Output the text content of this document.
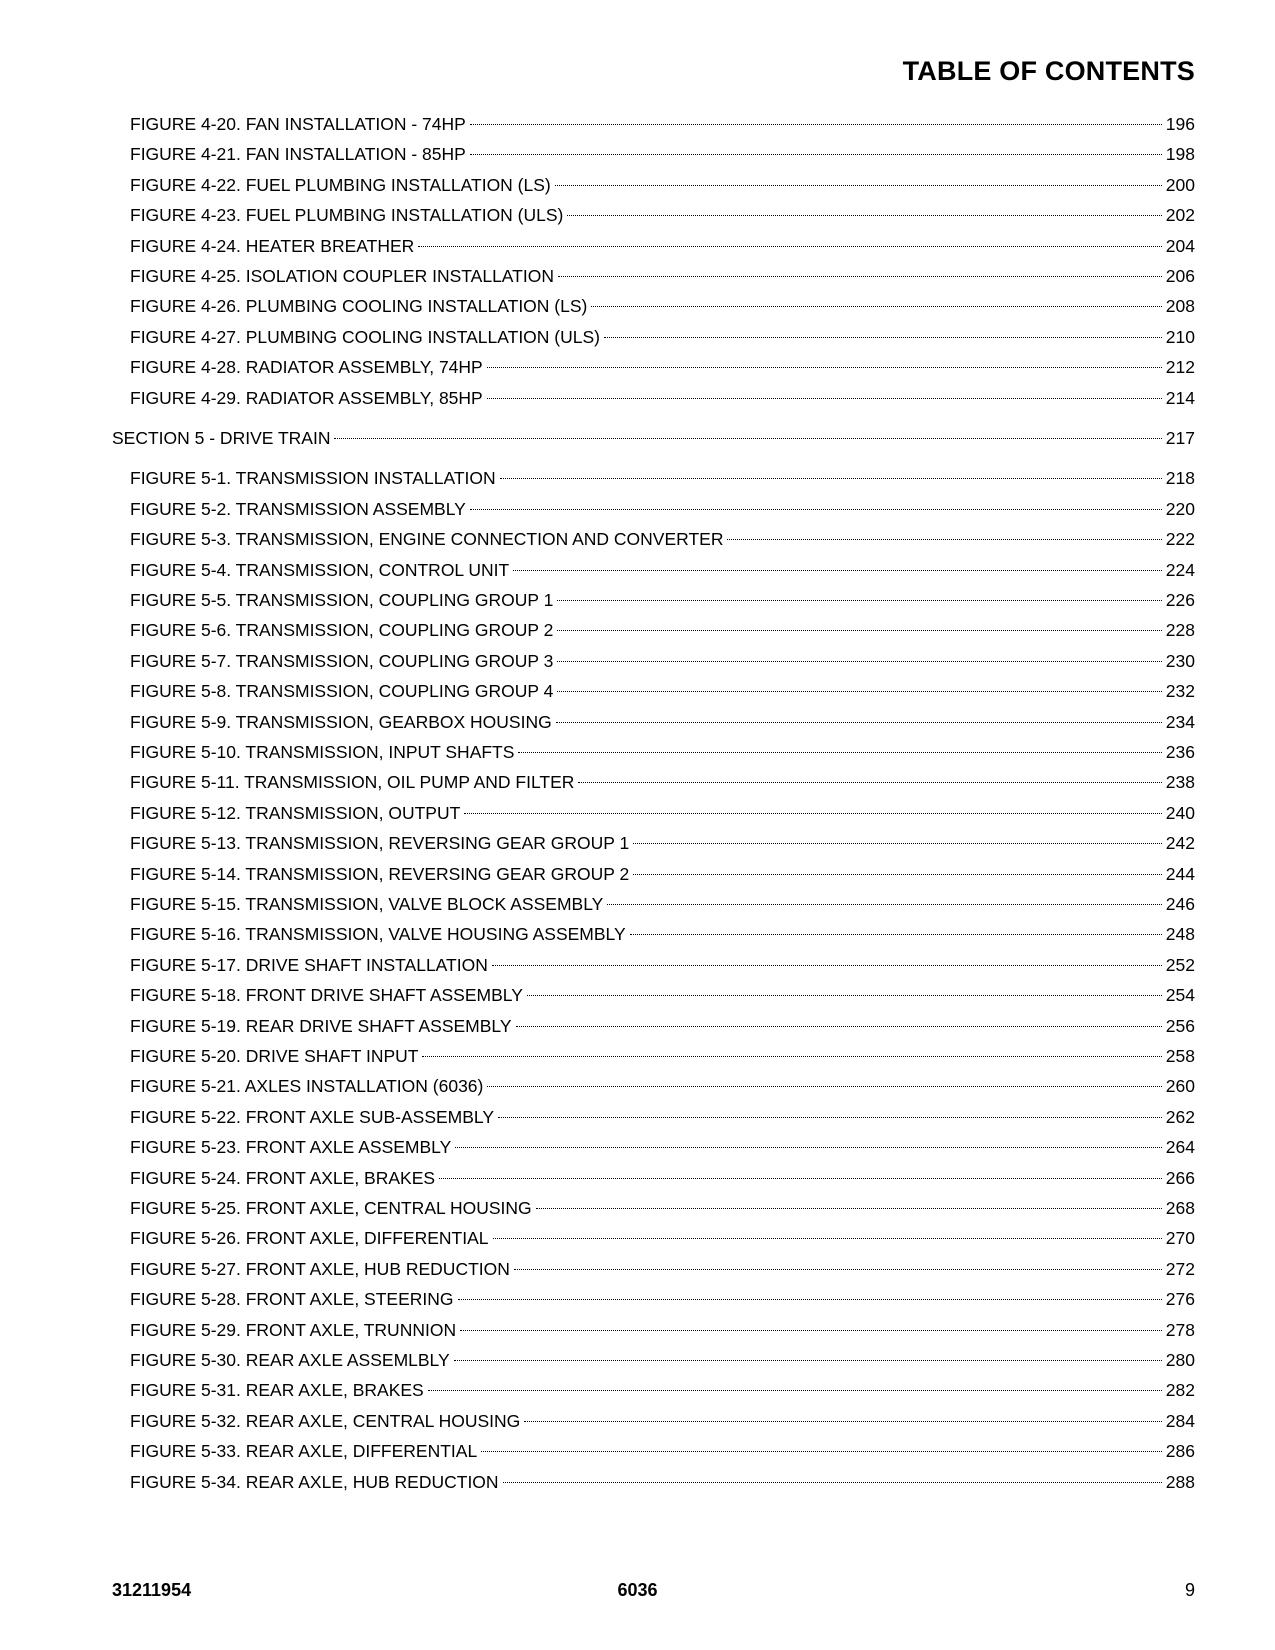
TABLE OF CONTENTS
FIGURE 4-20. FAN INSTALLATION - 74HP	196
FIGURE 4-21. FAN INSTALLATION - 85HP	198
FIGURE 4-22. FUEL PLUMBING INSTALLATION (LS)	200
FIGURE 4-23. FUEL PLUMBING INSTALLATION (ULS)	202
FIGURE 4-24. HEATER BREATHER	204
FIGURE 4-25. ISOLATION COUPLER INSTALLATION	206
FIGURE 4-26. PLUMBING COOLING INSTALLATION (LS)	208
FIGURE 4-27. PLUMBING COOLING INSTALLATION (ULS)	210
FIGURE 4-28. RADIATOR ASSEMBLY, 74HP	212
FIGURE 4-29. RADIATOR ASSEMBLY, 85HP	214
SECTION 5 - DRIVE TRAIN	217
FIGURE 5-1. TRANSMISSION INSTALLATION	218
FIGURE 5-2. TRANSMISSION ASSEMBLY	220
FIGURE 5-3. TRANSMISSION, ENGINE CONNECTION AND CONVERTER	222
FIGURE 5-4. TRANSMISSION, CONTROL UNIT	224
FIGURE 5-5. TRANSMISSION, COUPLING GROUP 1	226
FIGURE 5-6. TRANSMISSION, COUPLING GROUP 2	228
FIGURE 5-7. TRANSMISSION, COUPLING GROUP 3	230
FIGURE 5-8. TRANSMISSION, COUPLING GROUP 4	232
FIGURE 5-9. TRANSMISSION, GEARBOX HOUSING	234
FIGURE 5-10. TRANSMISSION, INPUT SHAFTS	236
FIGURE 5-11. TRANSMISSION, OIL PUMP AND FILTER	238
FIGURE 5-12. TRANSMISSION, OUTPUT	240
FIGURE 5-13. TRANSMISSION, REVERSING GEAR GROUP 1	242
FIGURE 5-14. TRANSMISSION, REVERSING GEAR GROUP 2	244
FIGURE 5-15. TRANSMISSION, VALVE BLOCK ASSEMBLY	246
FIGURE 5-16. TRANSMISSION, VALVE HOUSING ASSEMBLY	248
FIGURE 5-17. DRIVE SHAFT INSTALLATION	252
FIGURE 5-18. FRONT DRIVE SHAFT ASSEMBLY	254
FIGURE 5-19. REAR DRIVE SHAFT ASSEMBLY	256
FIGURE 5-20. DRIVE SHAFT INPUT	258
FIGURE 5-21. AXLES INSTALLATION (6036)	260
FIGURE 5-22. FRONT AXLE SUB-ASSEMBLY	262
FIGURE 5-23. FRONT AXLE ASSEMBLY	264
FIGURE 5-24. FRONT AXLE, BRAKES	266
FIGURE 5-25. FRONT AXLE, CENTRAL HOUSING	268
FIGURE 5-26. FRONT AXLE, DIFFERENTIAL	270
FIGURE 5-27. FRONT AXLE, HUB REDUCTION	272
FIGURE 5-28. FRONT AXLE, STEERING	276
FIGURE 5-29. FRONT AXLE, TRUNNION	278
FIGURE 5-30. REAR AXLE ASSEMLBLY	280
FIGURE 5-31. REAR AXLE, BRAKES	282
FIGURE 5-32. REAR AXLE, CENTRAL HOUSING	284
FIGURE 5-33. REAR AXLE, DIFFERENTIAL	286
FIGURE 5-34. REAR AXLE, HUB REDUCTION	288
31211954	6036	9
